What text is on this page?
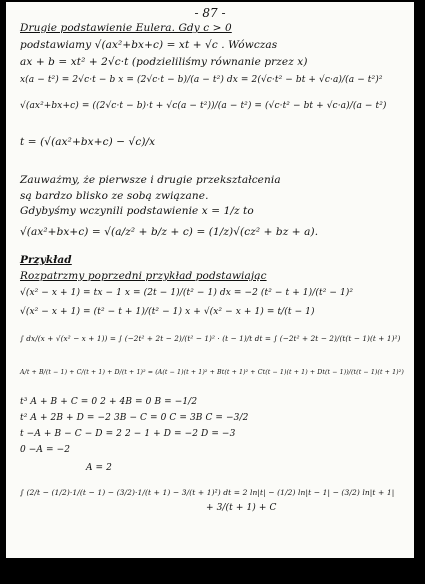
- 87 -
Drugie podstawienie Eulera. Gdy c > 0
podstawiamy √(ax²+bx+c) = xt + √c . Wówczas
ax + b = xt² + 2√c·t (podzieliliśmy równanie przez x)
x(a − t²) = 2√c·t − b x = (2√c·t − b)/(a − t²) dx = 2(√c·t² − bt + √c·a)/(a − t²)²
√(ax²+bx+c) = ((2√c·t − b)·t + √c(a − t²))/(a − t²) = (√c·t² − bt + √c·a)/(a − t²)
t = (√(ax²+bx+c) − √c)/x
Zauważmy, że pierwsze i drugie przekształcenia
są bardzo blisko ze sobą związane.
Gdybyśmy wczynili podstawienie x = 1/z to
√(ax²+bx+c) = √(a/z² + b/z + c) = (1/z)√(cz² + bz + a).
Przykład
Rozpatrzmy poprzedni przykład podstawiając
√(x² − x + 1) = tx − 1 x = (2t − 1)/(t² − 1) dx = −2 (t² − t + 1)/(t² − 1)²
√(x² − x + 1) = (t² − t + 1)/(t² − 1) x + √(x² − x + 1) = t/(t − 1)
∫ dx/(x + √(x² − x + 1)) = ∫ (−2t² + 2t − 2)/(t² − 1)² · (t − 1)/t dt = ∫ (−2t² + 2t − 2)/(t(t − 1)(t + 1)²)
A/t + B/(t − 1) + C/(t + 1) + D/(t + 1)² = (A(t − 1)(t + 1)² + Bt(t + 1)² + Ct(t − 1)(t + 1) + Dt(t − 1))/(t(t − 1)(t + 1)²)
t³ A + B + C = 0 2 + 4B = 0 B = −1/2
t² A + 2B + D = −2 3B − C = 0 C = 3B C = −3/2
t −A + B − C − D = 2 2 − 1 + D = −2 D = −3
0 −A = −2
A = 2
∫ (2/t − (1/2)·1/(t − 1) − (3/2)·1/(t + 1) − 3/(t + 1)²) dt = 2 ln|t| − (1/2) ln|t − 1| − (3/2) ln|t + 1|
+ 3/(t + 1) + C
